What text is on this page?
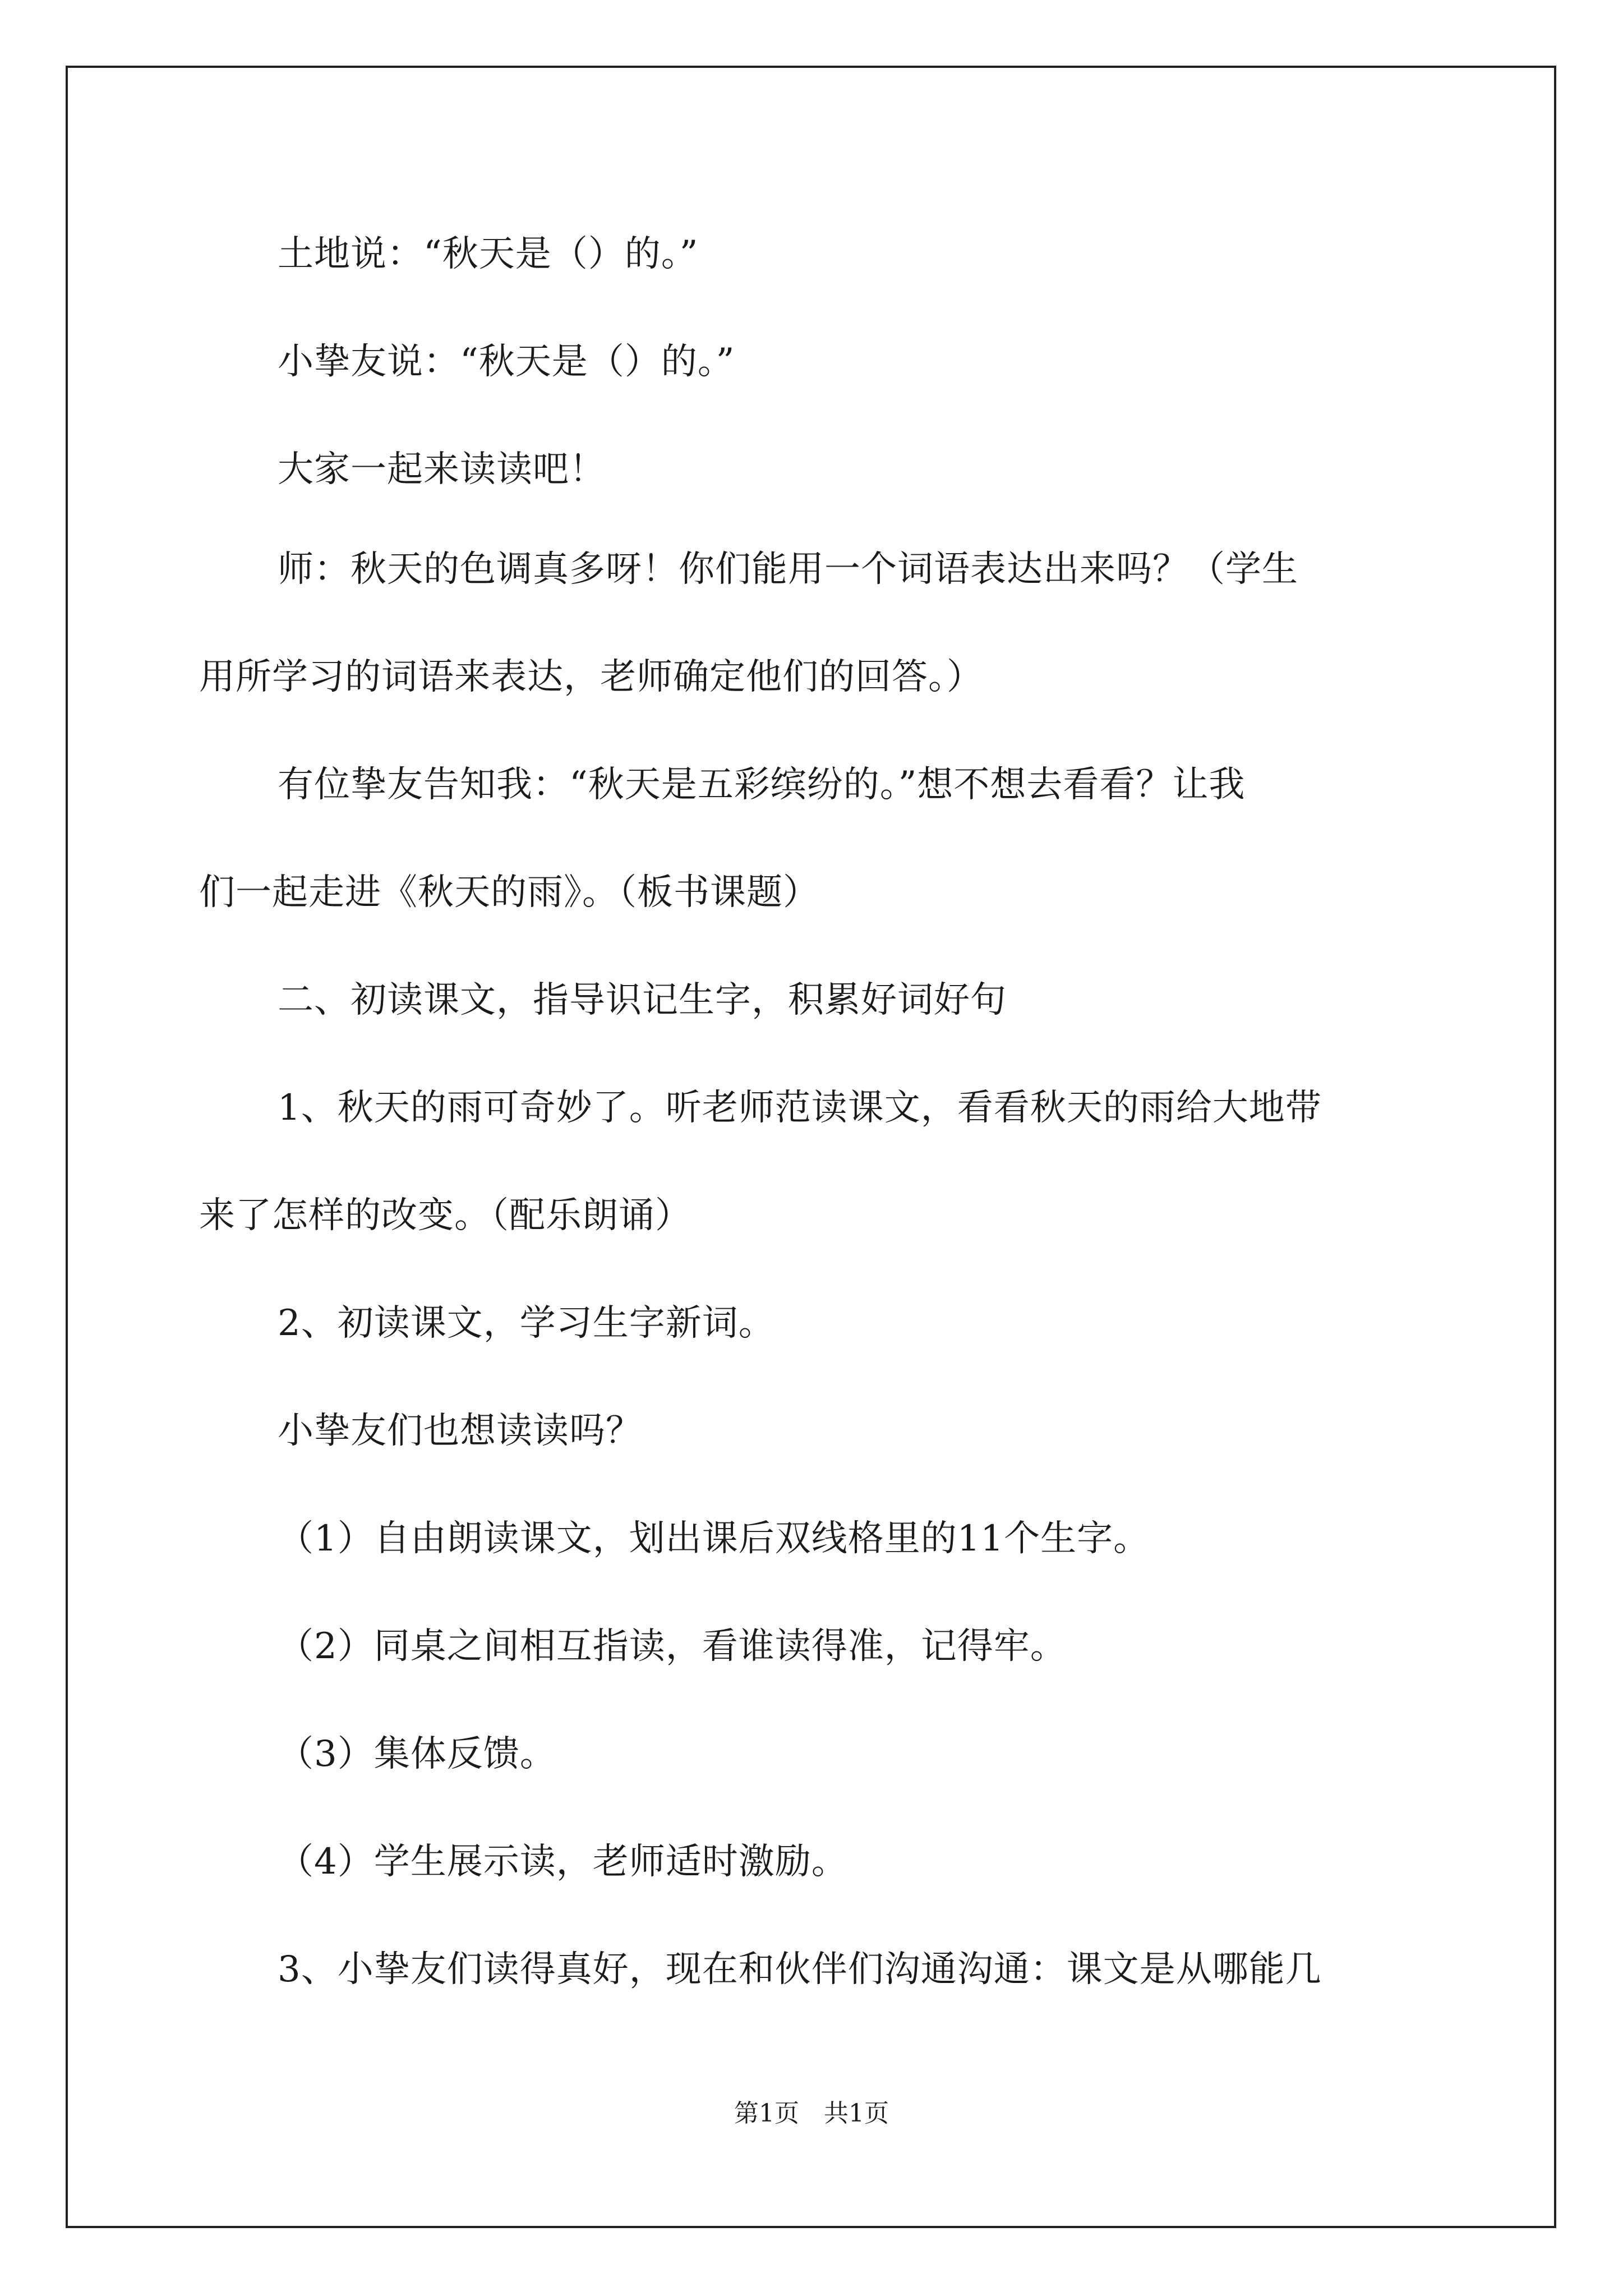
土地说：“秋天是（）的。”

小挚友说：“秋天是（）的。”

大家一起来读读吧！

师：秋天的色调真多呀！你们能用一个词语表达出来吗？（学生

用所学习的词语来表达，老师确定他们的回答。）

有位挚友告知我：“秋天是五彩缤纷的。”想不想去看看？让我

们一起走进《秋天的雨》。（板书课题）

二、初读课文，指导识记生字，积累好词好句

1、秋天的雨可奇妙了。听老师范读课文，看看秋天的雨给大地带

来了怎样的改变。（配乐朗诵）

2、初读课文，学习生字新词。

小挚友们也想读读吗？

（1）自由朗读课文，划出课后双线格里的11个生字。

（2）同桌之间相互指读，看谁读得准，记得牢。

（3）集体反馈。

（4）学生展示读，老师适时激励。

3、小挚友们读得真好，现在和伙伴们沟通沟通：课文是从哪能几

第1页　共1页
